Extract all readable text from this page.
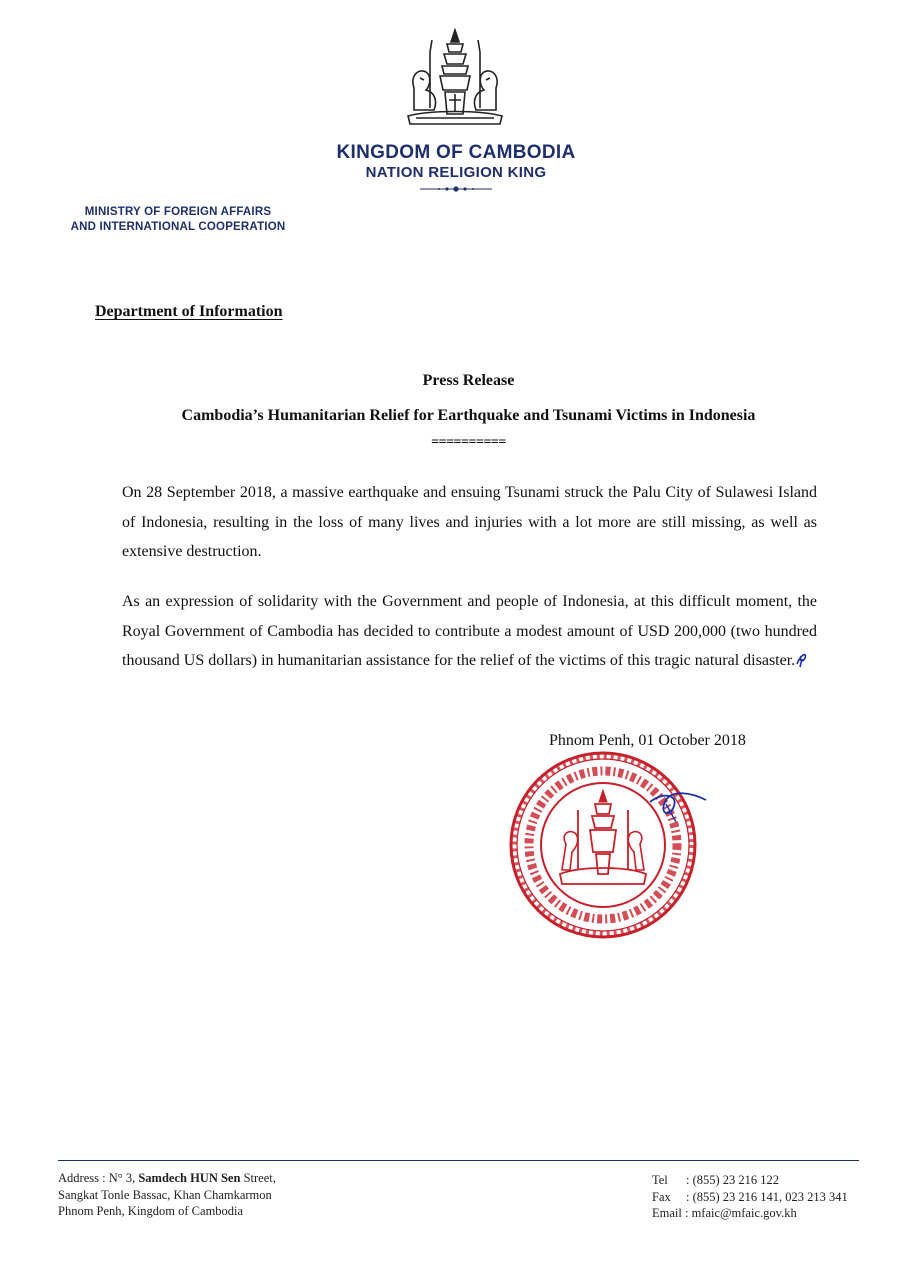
KINGDOM OF CAMBODIA
NATION RELIGION KING
MINISTRY OF FOREIGN AFFAIRS
AND INTERNATIONAL COOPERATION
Department of Information
Press Release
Cambodia’s Humanitarian Relief for Earthquake and Tsunami Victims in Indonesia
==========

On 28 September 2018, a massive earthquake and ensuing Tsunami struck the Palu City of Sulawesi Island of Indonesia, resulting in the loss of many lives and injuries with a lot more are still missing, as well as extensive destruction.

As an expression of solidarity with the Government and people of Indonesia, at this difficult moment, the Royal Government of Cambodia has decided to contribute a modest amount of USD 200,000 (two hundred thousand US dollars) in humanitarian assistance for the relief of the victims of this tragic natural disaster.

Phnom Penh, 01 October 2018
Address : N° 3, Samdech HUN Sen Street,
Sangkat Tonle Bassac, Khan Chamkarmon
Phnom Penh, Kingdom of Cambodia
Tel : (855) 23 216 122
Fax : (855) 23 216 141, 023 213 341
Email : mfaic@mfaic.gov.kh
